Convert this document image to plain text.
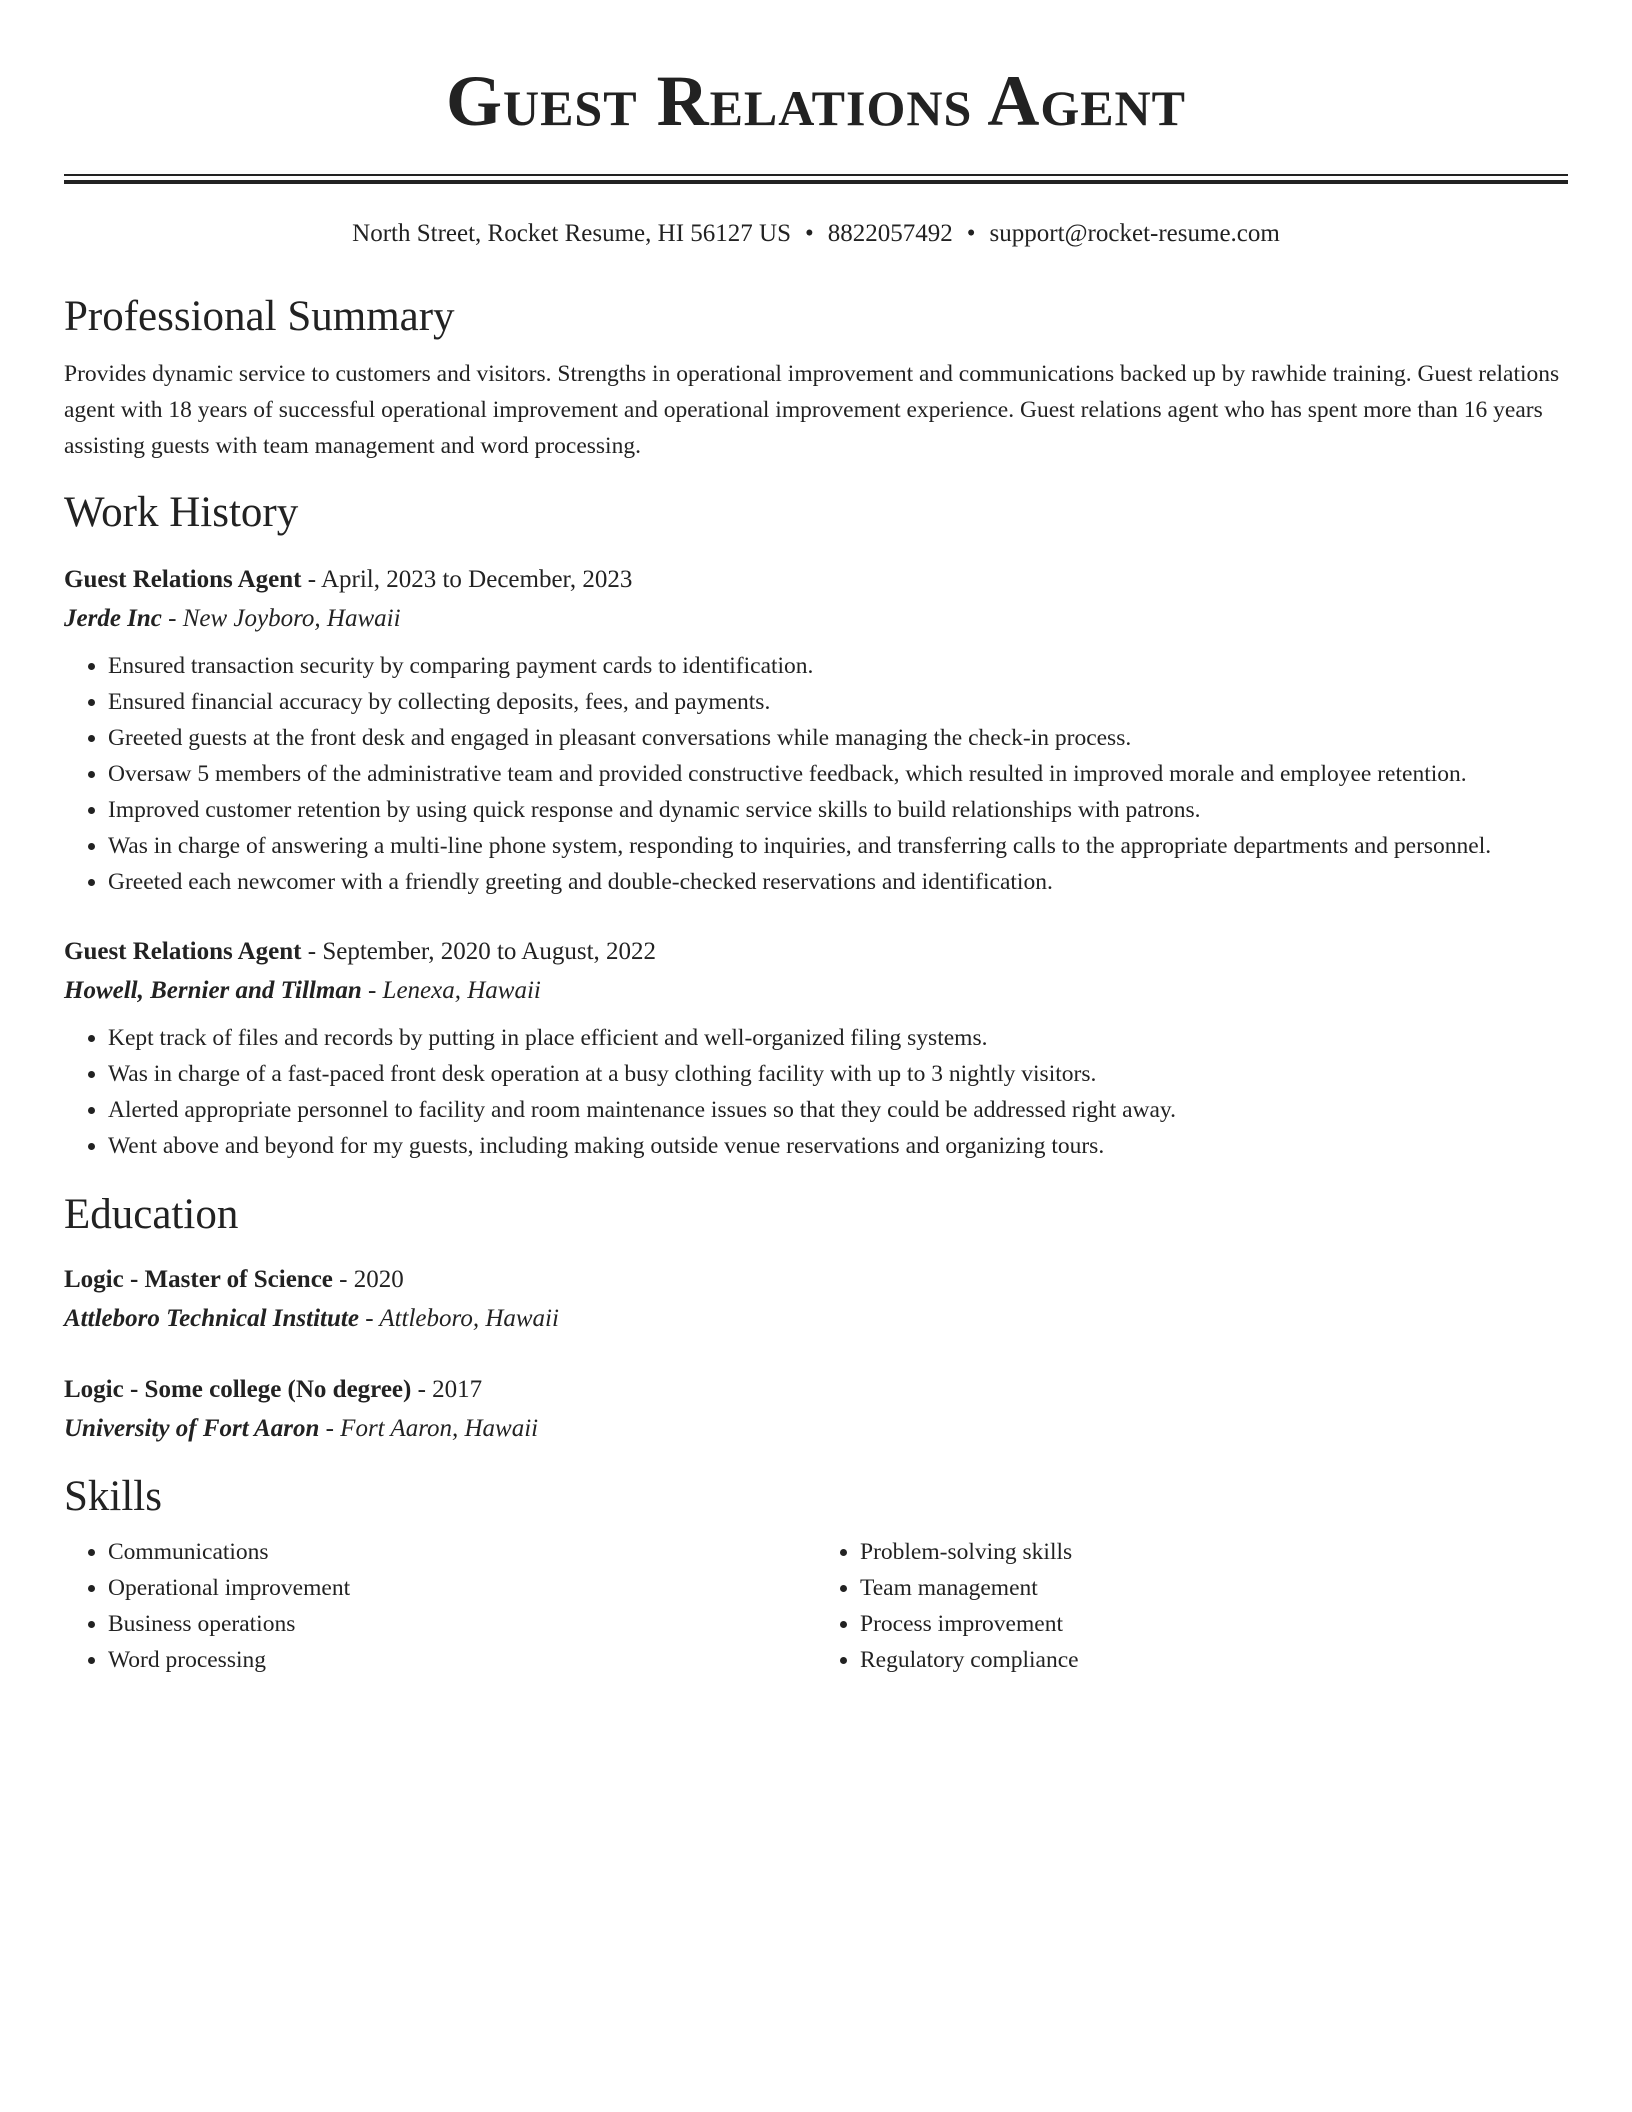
Guest Relations Agent
North Street, Rocket Resume, HI 56127 US • 8822057492 • support@rocket-resume.com
Professional Summary
Provides dynamic service to customers and visitors. Strengths in operational improvement and communications backed up by rawhide training. Guest relations agent with 18 years of successful operational improvement and operational improvement experience. Guest relations agent who has spent more than 16 years assisting guests with team management and word processing.
Work History
Guest Relations Agent - April, 2023 to December, 2023
Jerde Inc - New Joyboro, Hawaii
• Ensured transaction security by comparing payment cards to identification.
• Ensured financial accuracy by collecting deposits, fees, and payments.
• Greeted guests at the front desk and engaged in pleasant conversations while managing the check-in process.
• Oversaw 5 members of the administrative team and provided constructive feedback, which resulted in improved morale and employee retention.
• Improved customer retention by using quick response and dynamic service skills to build relationships with patrons.
• Was in charge of answering a multi-line phone system, responding to inquiries, and transferring calls to the appropriate departments and personnel.
• Greeted each newcomer with a friendly greeting and double-checked reservations and identification.
Guest Relations Agent - September, 2020 to August, 2022
Howell, Bernier and Tillman - Lenexa, Hawaii
• Kept track of files and records by putting in place efficient and well-organized filing systems.
• Was in charge of a fast-paced front desk operation at a busy clothing facility with up to 3 nightly visitors.
• Alerted appropriate personnel to facility and room maintenance issues so that they could be addressed right away.
• Went above and beyond for my guests, including making outside venue reservations and organizing tours.
Education
Logic - Master of Science - 2020
Attleboro Technical Institute - Attleboro, Hawaii
Logic - Some college (No degree) - 2017
University of Fort Aaron - Fort Aaron, Hawaii
Skills
• Communications
• Operational improvement
• Business operations
• Word processing
• Problem-solving skills
• Team management
• Process improvement
• Regulatory compliance
